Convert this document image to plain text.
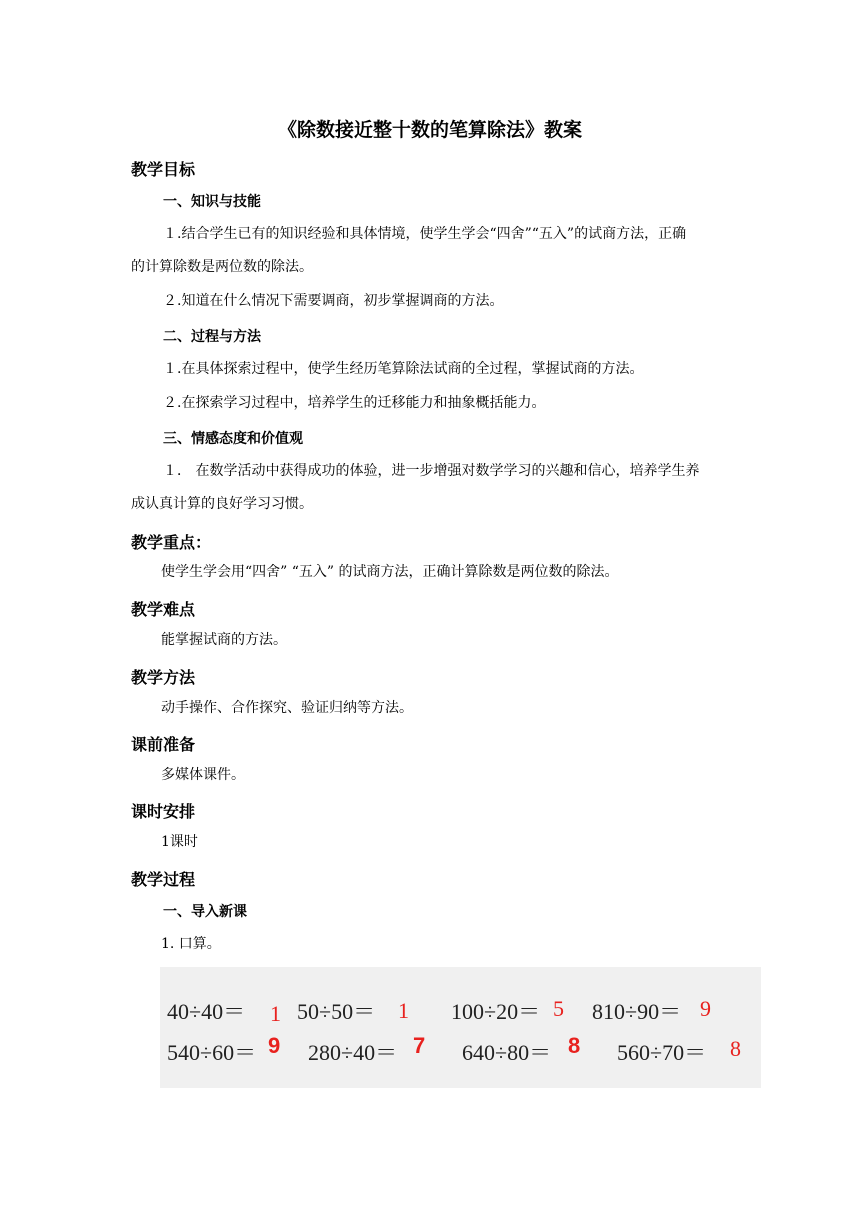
《除数接近整十数的笔算除法》教案
教学目标
一、知识与技能
１.结合学生已有的知识经验和具体情境，使学生学会“四舍”“五入”的试商方法，正确
的计算除数是两位数的除法。
２.知道在什么情况下需要调商，初步掌握调商的方法。
二、过程与方法
１.在具体探索过程中，使学生经历笔算除法试商的全过程，掌握试商的方法。
２.在探索学习过程中，培养学生的迁移能力和抽象概括能力。
三、情感态度和价值观
１． 在数学活动中获得成功的体验，进一步增强对数学学习的兴趣和信心，培养学生养
成认真计算的良好学习习惯。
教学重点：
使学生学会用“四舍” “五入” 的试商方法，正确计算除数是两位数的除法。
教学难点
能掌握试商的方法。
教学方法
动手操作、合作探究、验证归纳等方法。
课前准备
多媒体课件。
课时安排
1课时
教学过程
一、导入新课
1. 口算。
40÷40＝ 1 50÷50＝ 1 100÷20＝ 5 810÷90＝ 9
540÷60＝ 9 280÷40＝ 7 640÷80＝ 8 560÷70＝ 8
